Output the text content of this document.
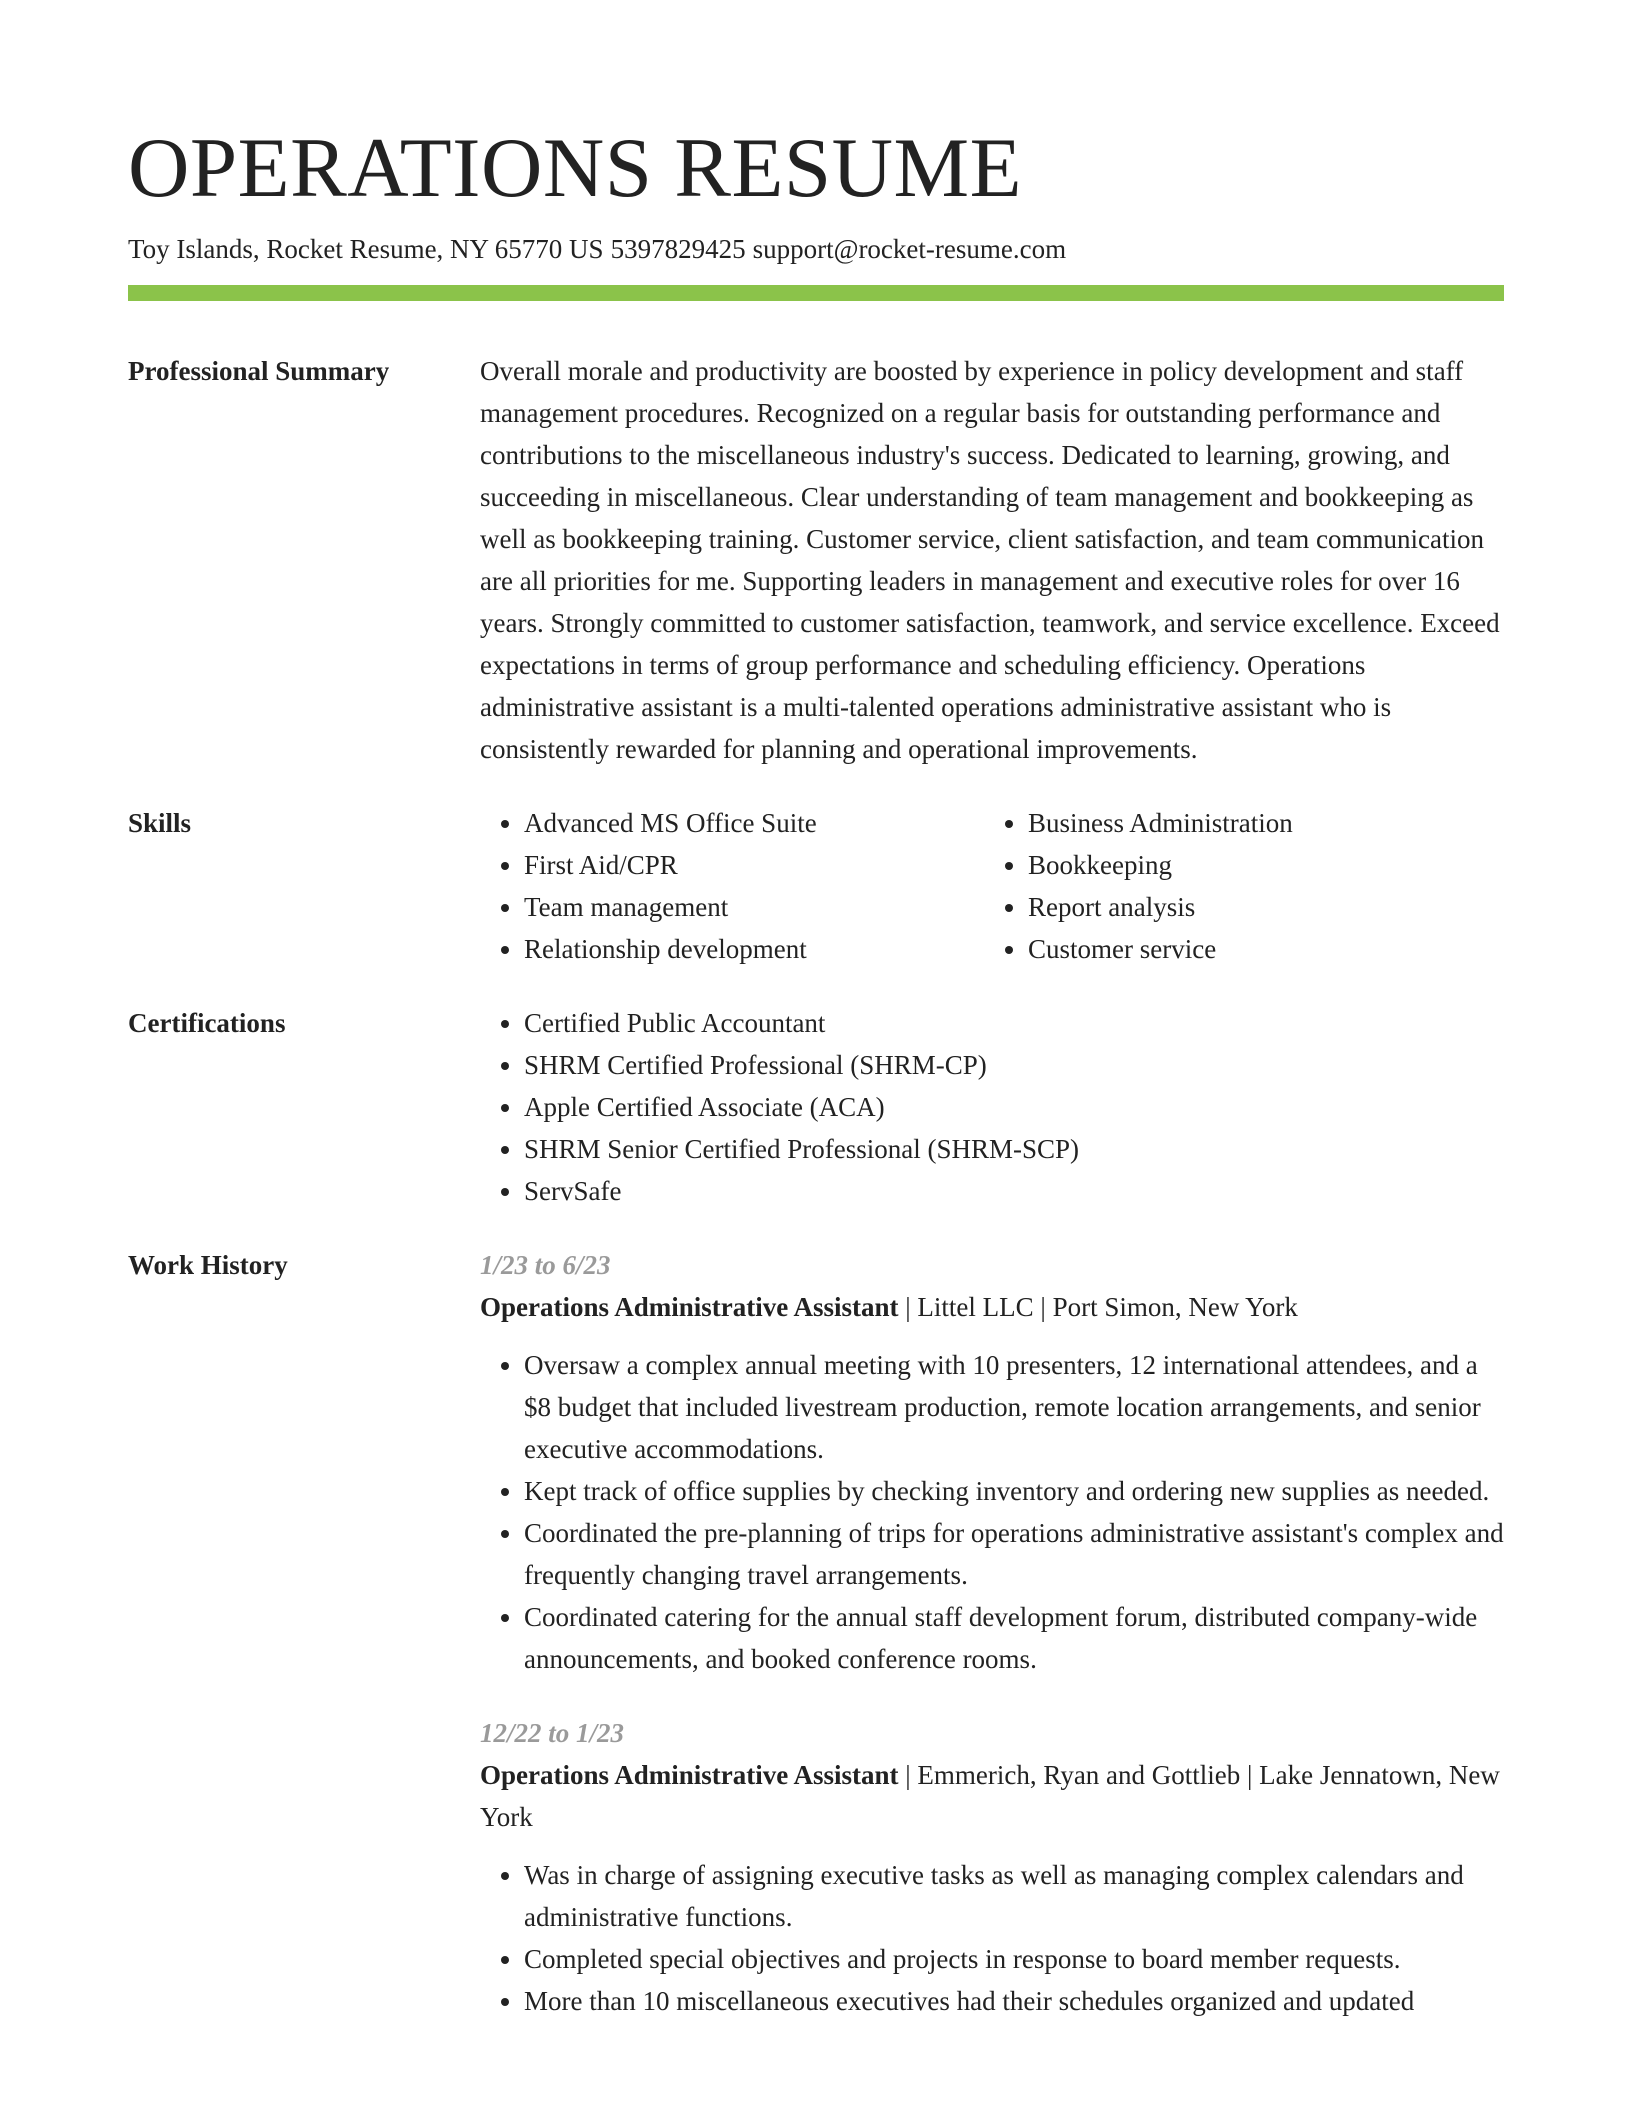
OPERATIONS RESUME
Toy Islands, Rocket Resume, NY 65770 US 5397829425 support@rocket-resume.com
Professional Summary	Overall morale and productivity are boosted by experience in policy development and staff management procedures. Recognized on a regular basis for outstanding performance and contributions to the miscellaneous industry's success. Dedicated to learning, growing, and succeeding in miscellaneous. Clear understanding of team management and bookkeeping as well as bookkeeping training. Customer service, client satisfaction, and team communication are all priorities for me. Supporting leaders in management and executive roles for over 16 years. Strongly committed to customer satisfaction, teamwork, and service excellence. Exceed expectations in terms of group performance and scheduling efficiency. Operations administrative assistant is a multi-talented operations administrative assistant who is consistently rewarded for planning and operational improvements.

Skills	• Advanced MS Office Suite
• First Aid/CPR
• Team management
• Relationship development
• Business Administration
• Bookkeeping
• Report analysis
• Customer service
Certifications	• Certified Public Accountant
• SHRM Certified Professional (SHRM-CP)
• Apple Certified Associate (ACA)
• SHRM Senior Certified Professional (SHRM-SCP)
• ServSafe
Work History	1/23 to 6/23
Operations Administrative Assistant | Littel LLC | Port Simon, New York
• Oversaw a complex annual meeting with 10 presenters, 12 international attendees, and a $8 budget that included livestream production, remote location arrangements, and senior executive accommodations.
• Kept track of office supplies by checking inventory and ordering new supplies as needed.
• Coordinated the pre-planning of trips for operations administrative assistant's complex and frequently changing travel arrangements.
• Coordinated catering for the annual staff development forum, distributed company-wide announcements, and booked conference rooms.
12/22 to 1/23
Operations Administrative Assistant | Emmerich, Ryan and Gottlieb | Lake Jennatown, New York
• Was in charge of assigning executive tasks as well as managing complex calendars and administrative functions.
• Completed special objectives and projects in response to board member requests.
• More than 10 miscellaneous executives had their schedules organized and updated
